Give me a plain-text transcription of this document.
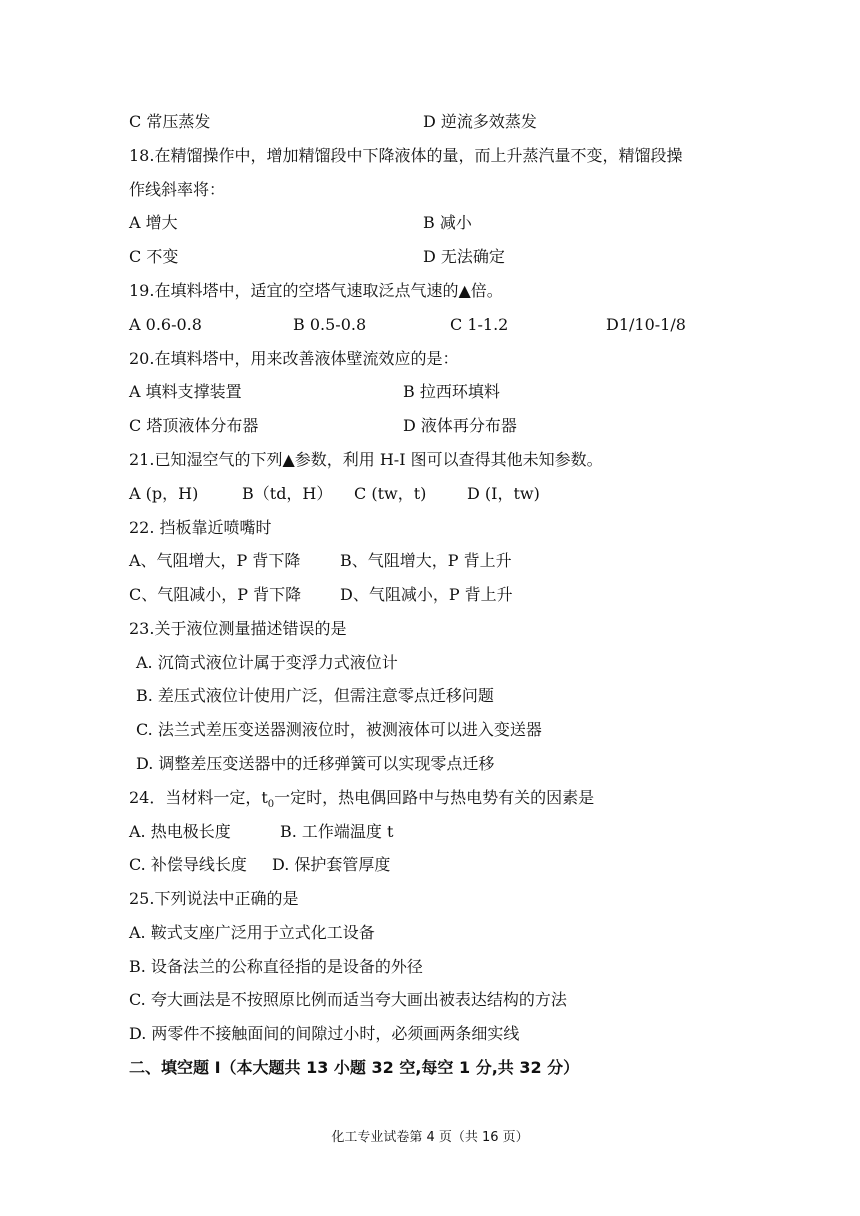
C 常压蒸发	D 逆流多效蒸发
18.在精馏操作中，增加精馏段中下降液体的量，而上升蒸汽量不变，精馏段操
作线斜率将：
A 增大	B 减小
C 不变	D 无法确定
19.在填料塔中，适宜的空塔气速取泛点气速的▲倍。
A 0.6-0.8	B 0.5-0.8	C 1-1.2	D1/10-1/8
20.在填料塔中，用来改善液体壁流效应的是：
A 填料支撑装置	B 拉西环填料
C 塔顶液体分布器	D 液体再分布器
21.已知湿空气的下列▲参数，利用 H-I 图可以查得其他未知参数。
A (p，H)	B（td，H） C (tw，t)	D (I，tw)
22. 挡板靠近喷嘴时
A、气阻增大，P 背下降 B、气阻增大，P 背上升
C、气阻减小，P 背下降 D、气阻减小，P 背上升
23.关于液位测量描述错误的是
A. 沉筒式液位计属于变浮力式液位计
B. 差压式液位计使用广泛，但需注意零点迁移问题
C. 法兰式差压变送器测液位时，被测液体可以进入变送器
D. 调整差压变送器中的迁移弹簧可以实现零点迁移
24．当材料一定，$t_0$一定时，热电偶回路中与热电势有关的因素是
A. 热电极长度	B. 工作端温度 t
C. 补偿导线长度 D. 保护套管厚度
25.下列说法中正确的是
A. 鞍式支座广泛用于立式化工设备
B. 设备法兰的公称直径指的是设备的外径
C. 夸大画法是不按照原比例而适当夸大画出被表达结构的方法
D. 两零件不接触面间的间隙过小时，必须画两条细实线
二、填空题 I（本大题共 13 小题 32 空,每空 1 分,共 32 分）
化工专业试卷第 4 页（共 16 页）
